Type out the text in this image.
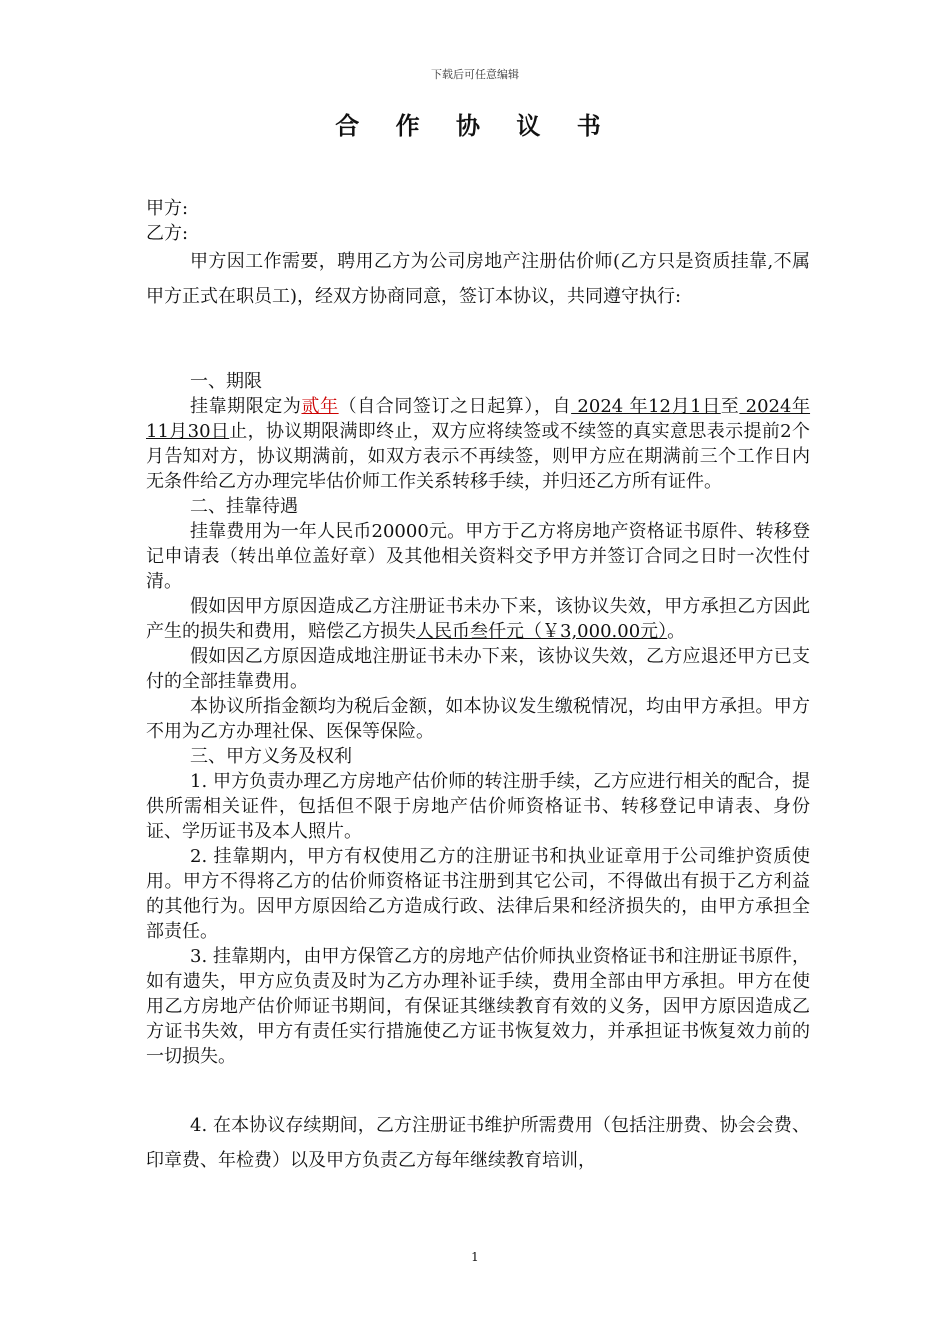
下载后可任意编辑
合 作 协 议 书

甲方:

乙方:

甲方因工作需要，聘用乙方为公司房地产注册估价师(乙方只是资质挂靠,不属甲方正式在职员工)，经双方协商同意，签订本协议，共同遵守执行:

一、期限

挂靠期限定为贰年（自合同签订之日起算），自 2024 年12月1日至 2024年11月30日止，协议期限满即终止，双方应将续签或不续签的真实意思表示提前2个月告知对方，协议期满前，如双方表示不再续签，则甲方应在期满前三个工作日内无条件给乙方办理完毕估价师工作关系转移手续，并归还乙方所有证件。

二、挂靠待遇

挂靠费用为一年人民币20000元。甲方于乙方将房地产资格证书原件、转移登记申请表（转出单位盖好章）及其他相关资料交予甲方并签订合同之日时一次性付清。

假如因甲方原因造成乙方注册证书未办下来，该协议失效，甲方承担乙方因此产生的损失和费用，赔偿乙方损失人民币叁仟元（￥3,000.00元）。

假如因乙方原因造成地注册证书未办下来，该协议失效，乙方应退还甲方已支付的全部挂靠费用。

本协议所指金额均为税后金额，如本协议发生缴税情况，均由甲方承担。甲方不用为乙方办理社保、医保等保险。

三、甲方义务及权利

1. 甲方负责办理乙方房地产估价师的转注册手续，乙方应进行相关的配合，提供所需相关证件，包括但不限于房地产估价师资格证书、转移登记申请表、身份证、学历证书及本人照片。

2. 挂靠期内，甲方有权使用乙方的注册证书和执业证章用于公司维护资质使用。甲方不得将乙方的估价师资格证书注册到其它公司，不得做出有损于乙方利益的其他行为。因甲方原因给乙方造成行政、法律后果和经济损失的，由甲方承担全部责任。

3. 挂靠期内，由甲方保管乙方的房地产估价师执业资格证书和注册证书原件，如有遗失，甲方应负责及时为乙方办理补证手续，费用全部由甲方承担。甲方在使用乙方房地产估价师证书期间，有保证其继续教育有效的义务，因甲方原因造成乙方证书失效，甲方有责任实行措施使乙方证书恢复效力，并承担证书恢复效力前的一切损失。

4. 在本协议存续期间，乙方注册证书维护所需费用（包括注册费、协会会费、印章费、年检费）以及甲方负责乙方每年继续教育培训，

1
